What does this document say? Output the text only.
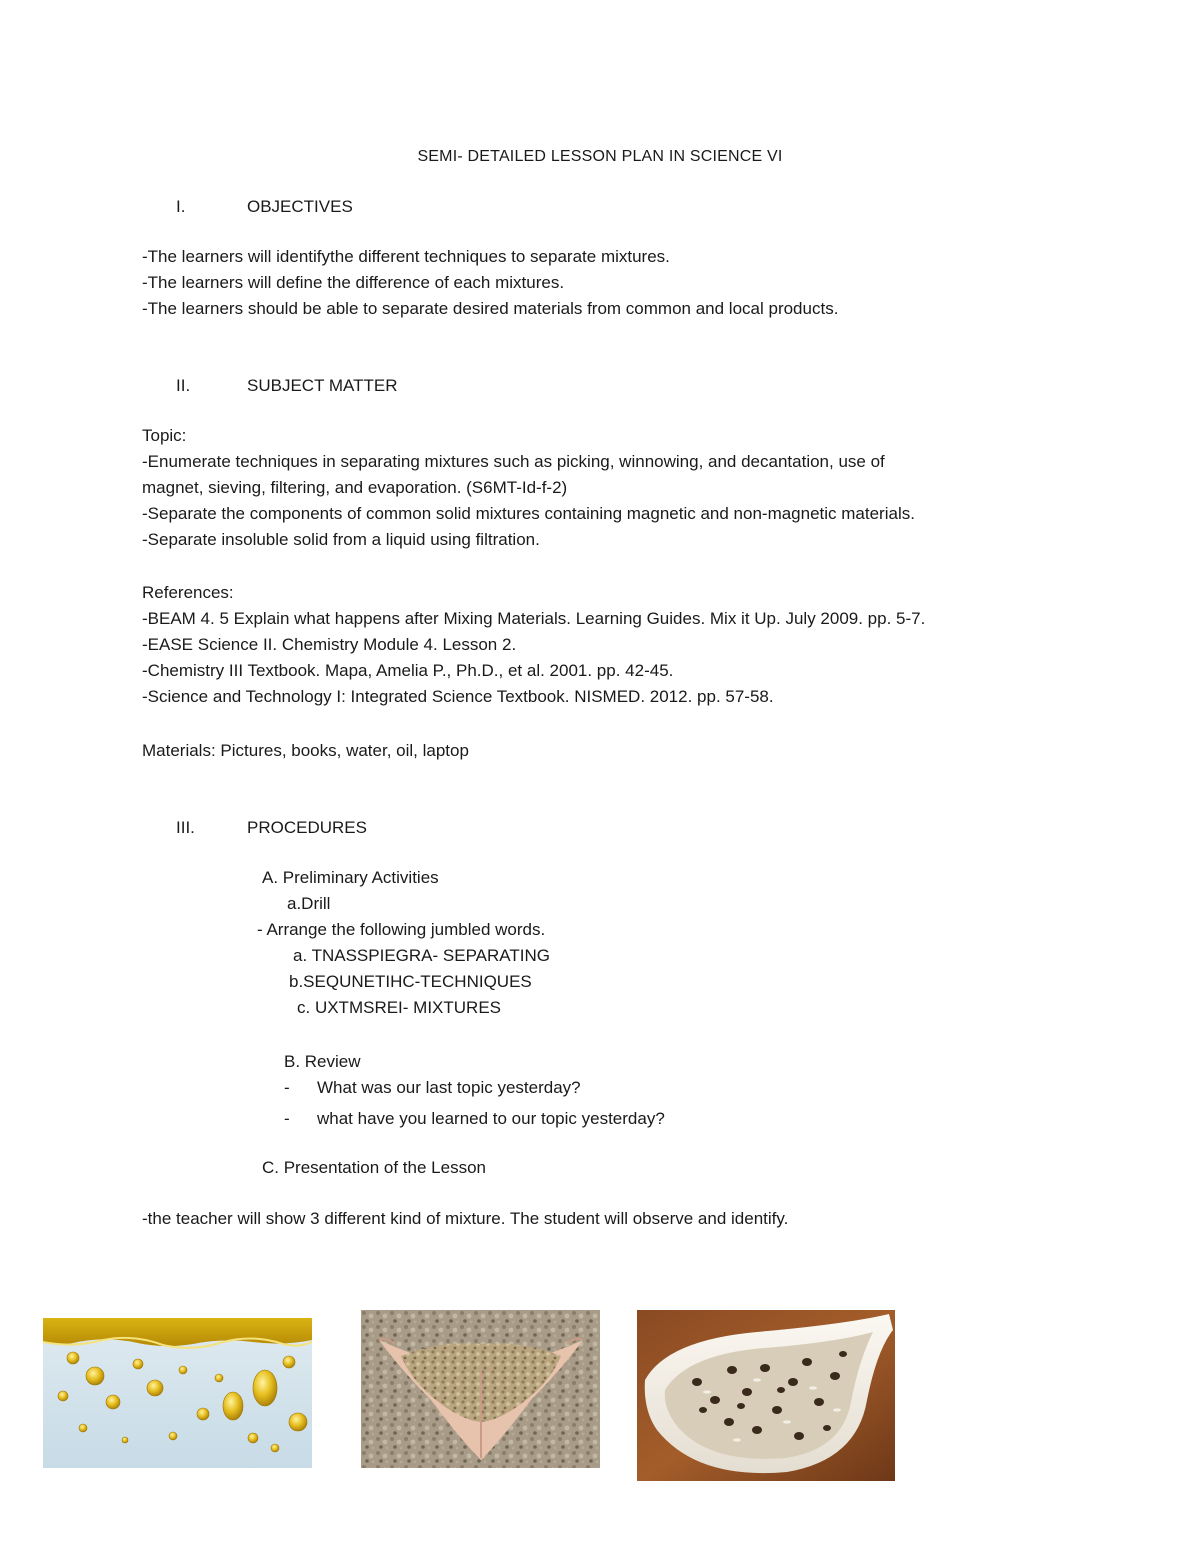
SEMI- DETAILED LESSON PLAN IN SCIENCE VI
I.	OBJECTIVES
-The learners will identifythe different techniques to separate mixtures.
-The learners will define the difference of each mixtures.
-The learners should be able to separate desired materials from common and local products.
II.	SUBJECT MATTER
Topic:
-Enumerate techniques in separating mixtures such as picking, winnowing, and decantation, use of
magnet, sieving, filtering, and evaporation. (S6MT-Id-f-2)
-Separate the components of common solid mixtures containing magnetic and non-magnetic materials.
-Separate insoluble solid from a liquid using filtration.
References:
-BEAM 4. 5 Explain what happens after Mixing Materials. Learning Guides. Mix it Up. July 2009. pp. 5-7.
-EASE Science II. Chemistry Module 4. Lesson 2.
-Chemistry III Textbook. Mapa, Amelia P., Ph.D., et al. 2001. pp. 42-45.
-Science and Technology I: Integrated Science Textbook. NISMED. 2012. pp. 57-58.
Materials: Pictures, books, water, oil, laptop
III.	PROCEDURES
A. Preliminary Activities
a.Drill
- Arrange the following jumbled words.
a. TNASSPIEGRA- SEPARATING
b.SEQUNETIHC-TECHNIQUES
c. UXTMSREI- MIXTURES
B. Review
- What was our last topic yesterday?
- what have you learned to our topic yesterday?
C. Presentation of the Lesson
-the teacher will show 3 different kind of mixture. The student will observe and identify.
